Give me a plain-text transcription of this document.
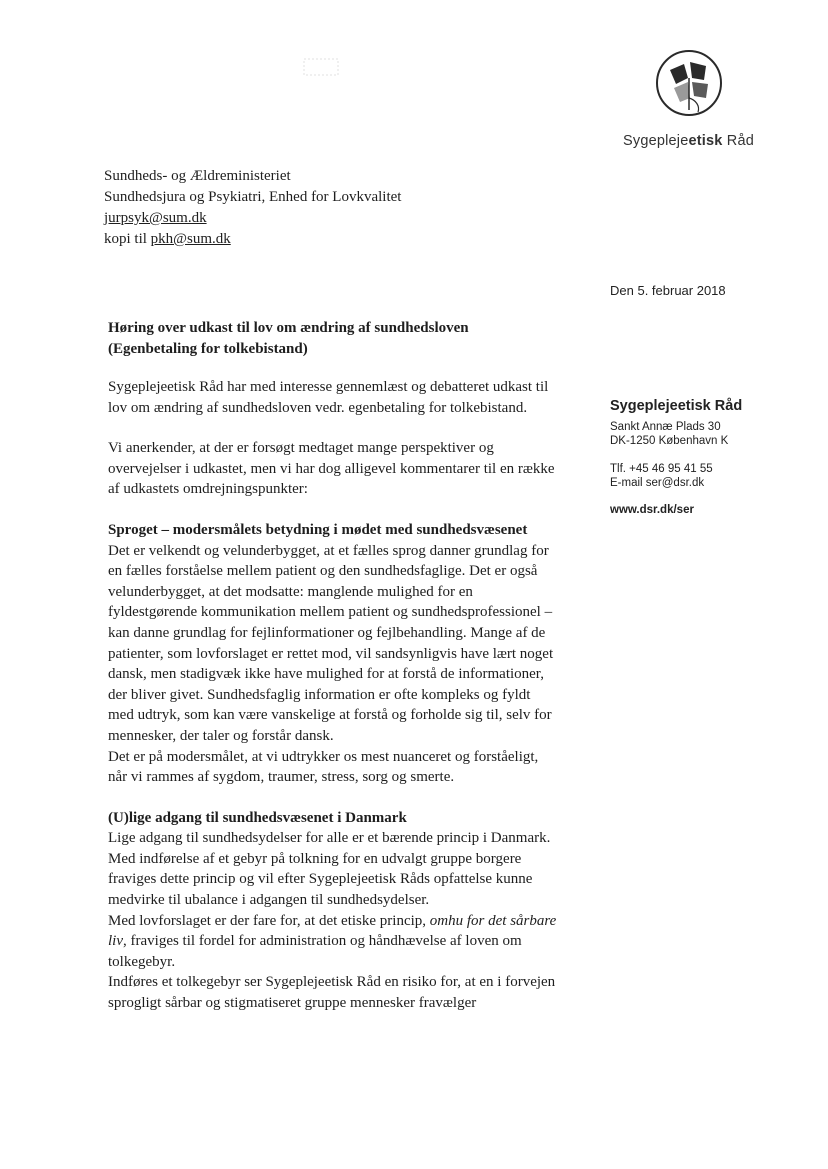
Sygeplejeetisk Råd
Sundheds- og Ældreministeriet
Sundhedsjura og Psykiatri, Enhed for Lovkvalitet
jurpsyk@sum.dk
kopi til pkh@sum.dk
Den 5. februar 2018
Høring over udkast til lov om ændring af sundhedsloven
(Egenbetaling for tolkebistand)

Sygeplejeetisk Råd har med interesse gennemlæst og debatteret udkast til lov om ændring af sundhedsloven vedr. egenbetaling for tolkebistand.

Vi anerkender, at der er forsøgt medtaget mange perspektiver og overvejelser i udkastet, men vi har dog alligevel kommentarer til en række af udkastets omdrejningspunkter:

Sproget – modersmålets betydning i mødet med sundhedsvæsenet

Det er velkendt og velunderbygget, at et fælles sprog danner grundlag for en fælles forståelse mellem patient og den sundhedsfaglige. Det er også velunderbygget, at det modsatte: manglende mulighed for en fyldestgørende kommunikation mellem patient og sundhedsprofessionel – kan danne grundlag for fejlinformationer og fejlbehandling. Mange af de patienter, som lovforslaget er rettet mod, vil sandsynligvis have lært noget dansk, men stadigvæk ikke have mulighed for at forstå de informationer, der bliver givet. Sundhedsfaglig information er ofte kompleks og fyldt med udtryk, som kan være vanskelige at forstå og forholde sig til, selv for mennesker, der taler og forstår dansk.

Det er på modersmålet, at vi udtrykker os mest nuanceret og forståeligt, når vi rammes af sygdom, traumer, stress, sorg og smerte.

(U)lige adgang til sundhedsvæsenet i Danmark

Lige adgang til sundhedsydelser for alle er et bærende princip i Danmark. Med indførelse af et gebyr på tolkning for en udvalgt gruppe borgere fraviges dette princip og vil efter Sygeplejeetisk Råds opfattelse kunne medvirke til ubalance i adgangen til sundhedsydelser.

Med lovforslaget er der fare for, at det etiske princip, omhu for det sårbare liv, fraviges til fordel for administration og håndhævelse af loven om tolkegebyr.

Indføres et tolkegebyr ser Sygeplejeetisk Råd en risiko for, at en i forvejen sprogligt sårbar og stigmatiseret gruppe mennesker fravælger

Sygeplejeetisk Råd
Sankt Annæ Plads 30
DK-1250 København K
Tlf. +45 46 95 41 55
E-mail ser@dsr.dk
www.dsr.dk/ser
